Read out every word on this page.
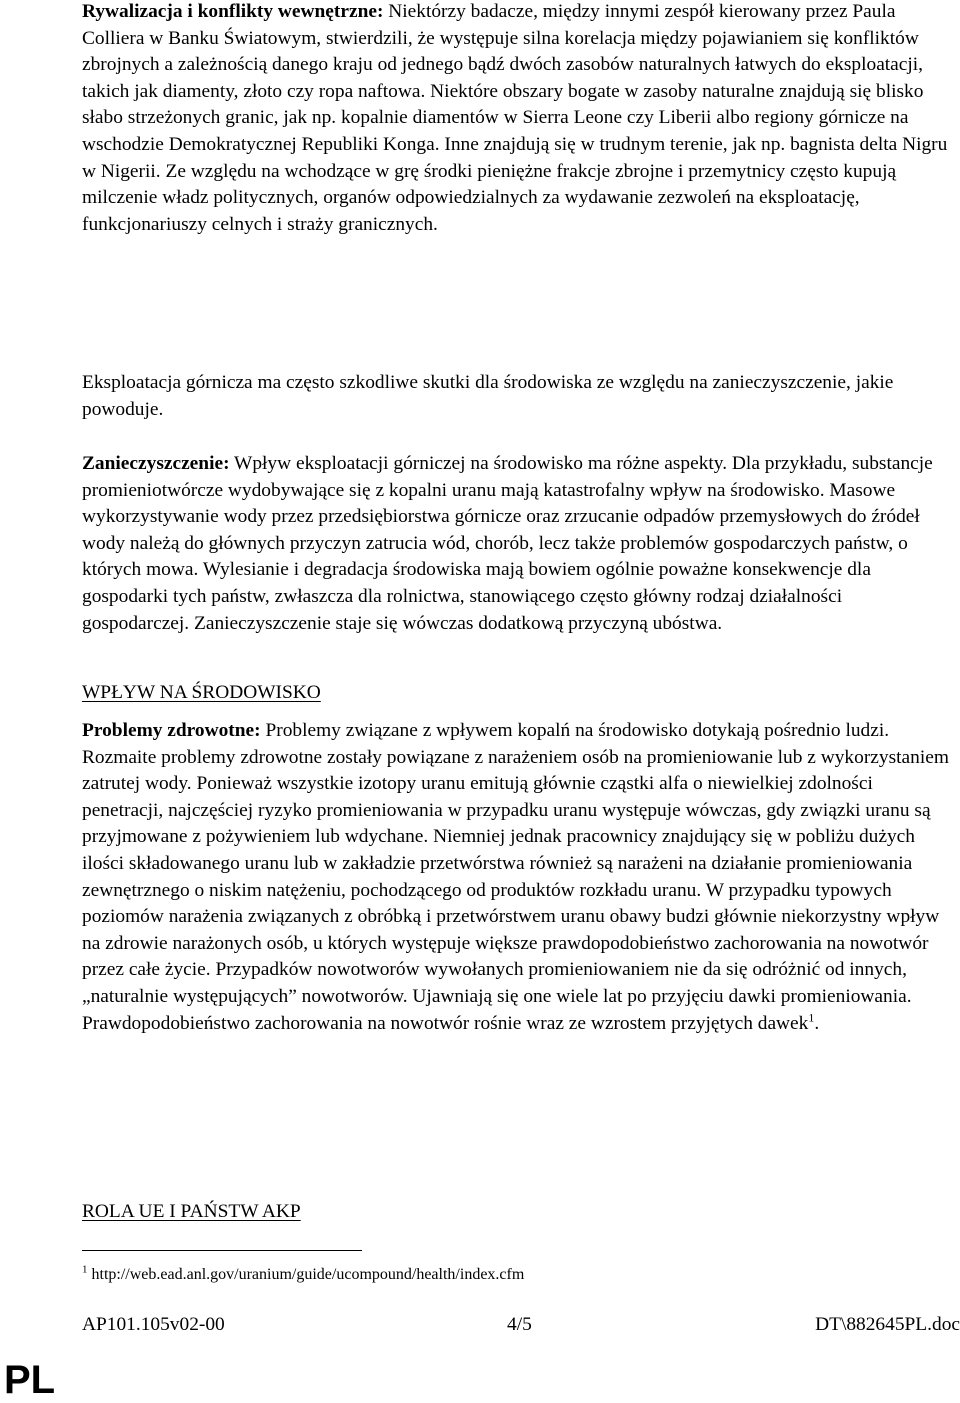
Rywalizacja i konflikty wewnętrzne: Niektórzy badacze, między innymi zespół kierowany przez Paula Colliera w Banku Światowym, stwierdzili, że występuje silna korelacja między pojawianiem się konfliktów zbrojnych a zależnością danego kraju od jednego bądź dwóch zasobów naturalnych łatwych do eksploatacji, takich jak diamenty, złoto czy ropa naftowa. Niektóre obszary bogate w zasoby naturalne znajdują się blisko słabo strzeżonych granic, jak np. kopalnie diamentów w Sierra Leone czy Liberii albo regiony górnicze na wschodzie Demokratycznej Republiki Konga. Inne znajdują się w trudnym terenie, jak np. bagnista delta Nigru w Nigerii. Ze względu na wchodzące w grę środki pieniężne frakcje zbrojne i przemytnicy często kupują milczenie władz politycznych, organów odpowiedzialnych za wydawanie zezwoleń na eksploatację, funkcjonariuszy celnych i straży granicznych.

WPŁYW NA ŚRODOWISKO

Eksploatacja górnicza ma często szkodliwe skutki dla środowiska ze względu na zanieczyszczenie, jakie powoduje.

Zanieczyszczenie: Wpływ eksploatacji górniczej na środowisko ma różne aspekty. Dla przykładu, substancje promieniotwórcze wydobywające się z kopalni uranu mają katastrofalny wpływ na środowisko. Masowe wykorzystywanie wody przez przedsiębiorstwa górnicze oraz zrzucanie odpadów przemysłowych do źródeł wody należą do głównych przyczyn zatrucia wód, chorób, lecz także problemów gospodarczych państw, o których mowa. Wylesianie i degradacja środowiska mają bowiem ogólnie poważne konsekwencje dla gospodarki tych państw, zwłaszcza dla rolnictwa, stanowiącego często główny rodzaj działalności gospodarczej. Zanieczyszczenie staje się wówczas dodatkową przyczyną ubóstwa.

Problemy zdrowotne: Problemy związane z wpływem kopalń na środowisko dotykają pośrednio ludzi. Rozmaite problemy zdrowotne zostały powiązane z narażeniem osób na promieniowanie lub z wykorzystaniem zatrutej wody. Ponieważ wszystkie izotopy uranu emitują głównie cząstki alfa o niewielkiej zdolności penetracji, najczęściej ryzyko promieniowania w przypadku uranu występuje wówczas, gdy związki uranu są przyjmowane z pożywieniem lub wdychane. Niemniej jednak pracownicy znajdujący się w pobliżu dużych ilości składowanego uranu lub w zakładzie przetwórstwa również są narażeni na działanie promieniowania zewnętrznego o niskim natężeniu, pochodzącego od produktów rozkładu uranu. W przypadku typowych poziomów narażenia związanych z obróbką i przetwórstwem uranu obawy budzi głównie niekorzystny wpływ na zdrowie narażonych osób, u których występuje większe prawdopodobieństwo zachorowania na nowotwór przez całe życie. Przypadków nowotworów wywołanych promieniowaniem nie da się odróżnić od innych, „naturalnie występujących” nowotworów. Ujawniają się one wiele lat po przyjęciu dawki promieniowania. Prawdopodobieństwo zachorowania na nowotwór rośnie wraz ze wzrostem przyjętych dawek$^1$.

ROLA UE I PAŃSTW AKP

$^1$ http://web.ead.anl.gov/uranium/guide/ucompound/health/index.cfm
AP101.105v02-00	4/5	DT\882645PL.doc
PL
